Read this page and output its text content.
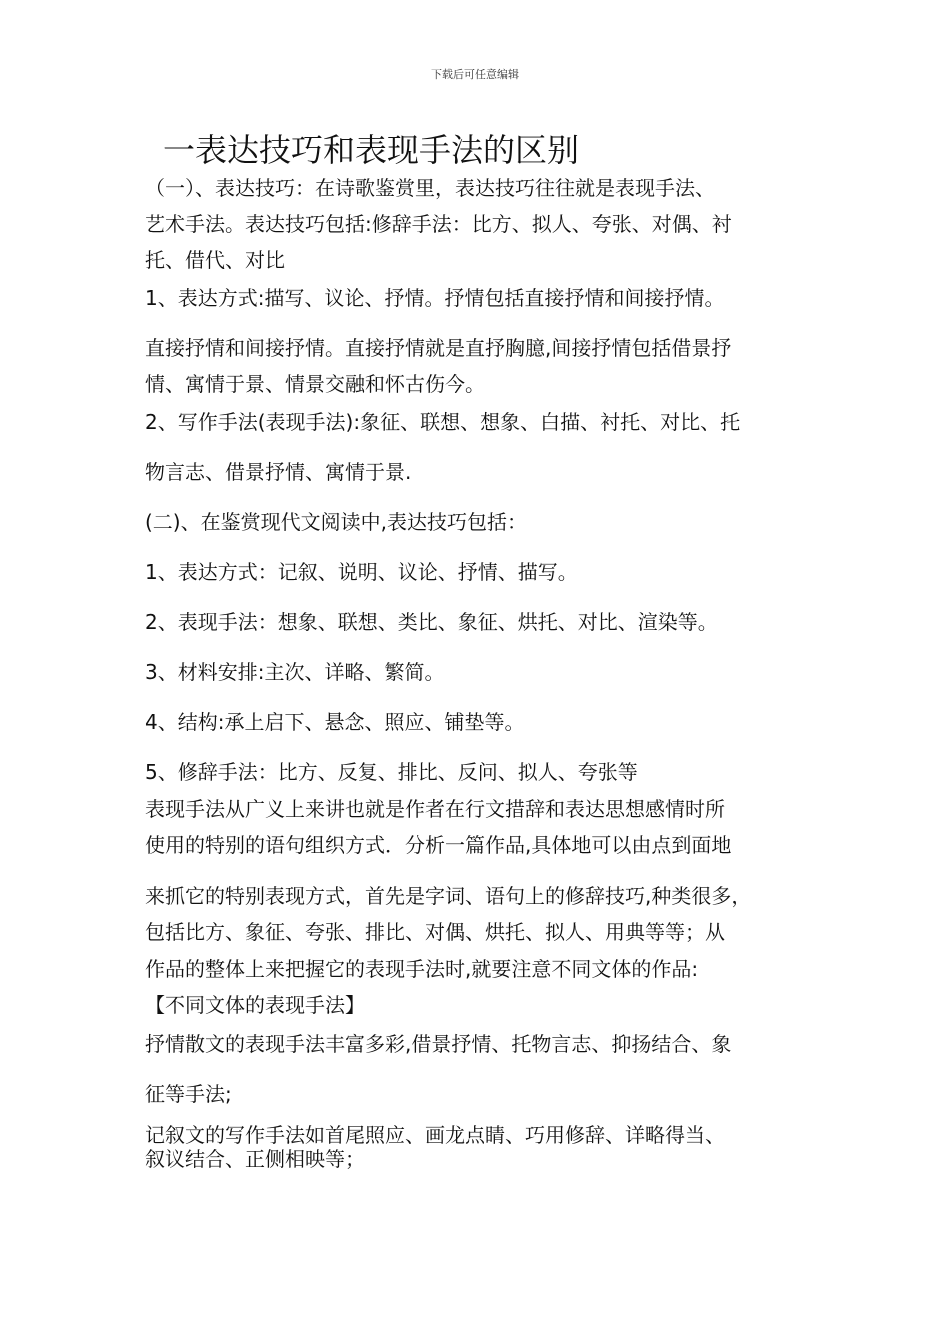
下载后可任意编辑
一表达技巧和表现手法的区别
（一）、表达技巧：在诗歌鉴赏里，表达技巧往往就是表现手法、
艺术手法。表达技巧包括:修辞手法：比方、拟人、夸张、对偶、衬
托、借代、对比
1、表达方式:描写、议论、抒情。抒情包括直接抒情和间接抒情。
直接抒情和间接抒情。直接抒情就是直抒胸臆,间接抒情包括借景抒
情、寓情于景、情景交融和怀古伤今。
2、写作手法(表现手法):象征、联想、想象、白描、衬托、对比、托
物言志、借景抒情、寓情于景.
(二)、在鉴赏现代文阅读中,表达技巧包括：
1、表达方式：记叙、说明、议论、抒情、描写。
2、表现手法：想象、联想、类比、象征、烘托、对比、渲染等。
3、材料安排:主次、详略、繁简。
4、结构:承上启下、悬念、照应、铺垫等。
5、修辞手法：比方、反复、排比、反问、拟人、夸张等
表现手法从广义上来讲也就是作者在行文措辞和表达思想感情时所
使用的特别的语句组织方式．分析一篇作品,具体地可以由点到面地
来抓它的特别表现方式，首先是字词、语句上的修辞技巧,种类很多，
包括比方、象征、夸张、排比、对偶、烘托、拟人、用典等等；从
作品的整体上来把握它的表现手法时,就要注意不同文体的作品:
【不同文体的表现手法】
抒情散文的表现手法丰富多彩,借景抒情、托物言志、抑扬结合、象
征等手法;
记叙文的写作手法如首尾照应、画龙点睛、巧用修辞、详略得当、
叙议结合、正侧相映等；
